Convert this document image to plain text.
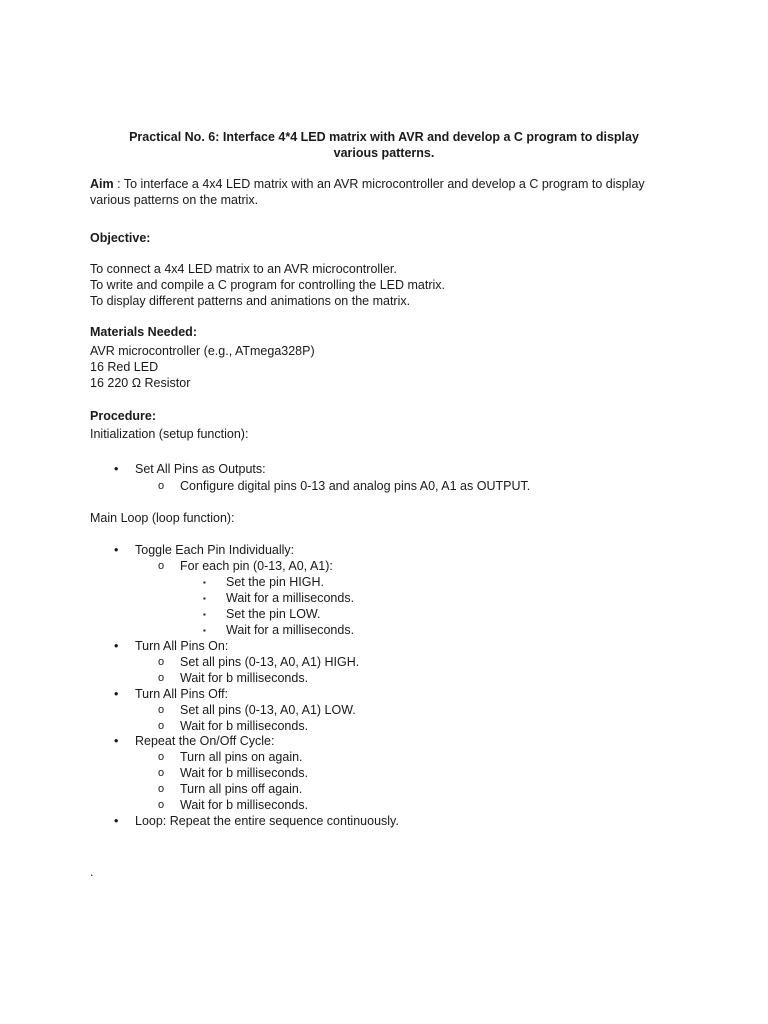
Practical No. 6: Interface 4*4 LED matrix with AVR and develop a C program to display
various patterns.
Aim : To interface a 4x4 LED matrix with an AVR microcontroller and develop a C program to display
various patterns on the matrix.
Objective:
To connect a 4x4 LED matrix to an AVR microcontroller.
To write and compile a C program for controlling the LED matrix.
To display different patterns and animations on the matrix.
Materials Needed:
AVR microcontroller (e.g., ATmega328P)
16 Red LED
16 220 Ω Resistor
Procedure:
Initialization (setup function):
• Set All Pins as Outputs:
o Configure digital pins 0-13 and analog pins A0, A1 as OUTPUT.
Main Loop (loop function):
• Toggle Each Pin Individually:
o For each pin (0-13, A0, A1):
▪ Set the pin HIGH.
▪ Wait for a milliseconds.
▪ Set the pin LOW.
▪ Wait for a milliseconds.
• Turn All Pins On:
o Set all pins (0-13, A0, A1) HIGH.
o Wait for b milliseconds.
• Turn All Pins Off:
o Set all pins (0-13, A0, A1) LOW.
o Wait for b milliseconds.
• Repeat the On/Off Cycle:
o Turn all pins on again.
o Wait for b milliseconds.
o Turn all pins off again.
o Wait for b milliseconds.
• Loop: Repeat the entire sequence continuously.
.
